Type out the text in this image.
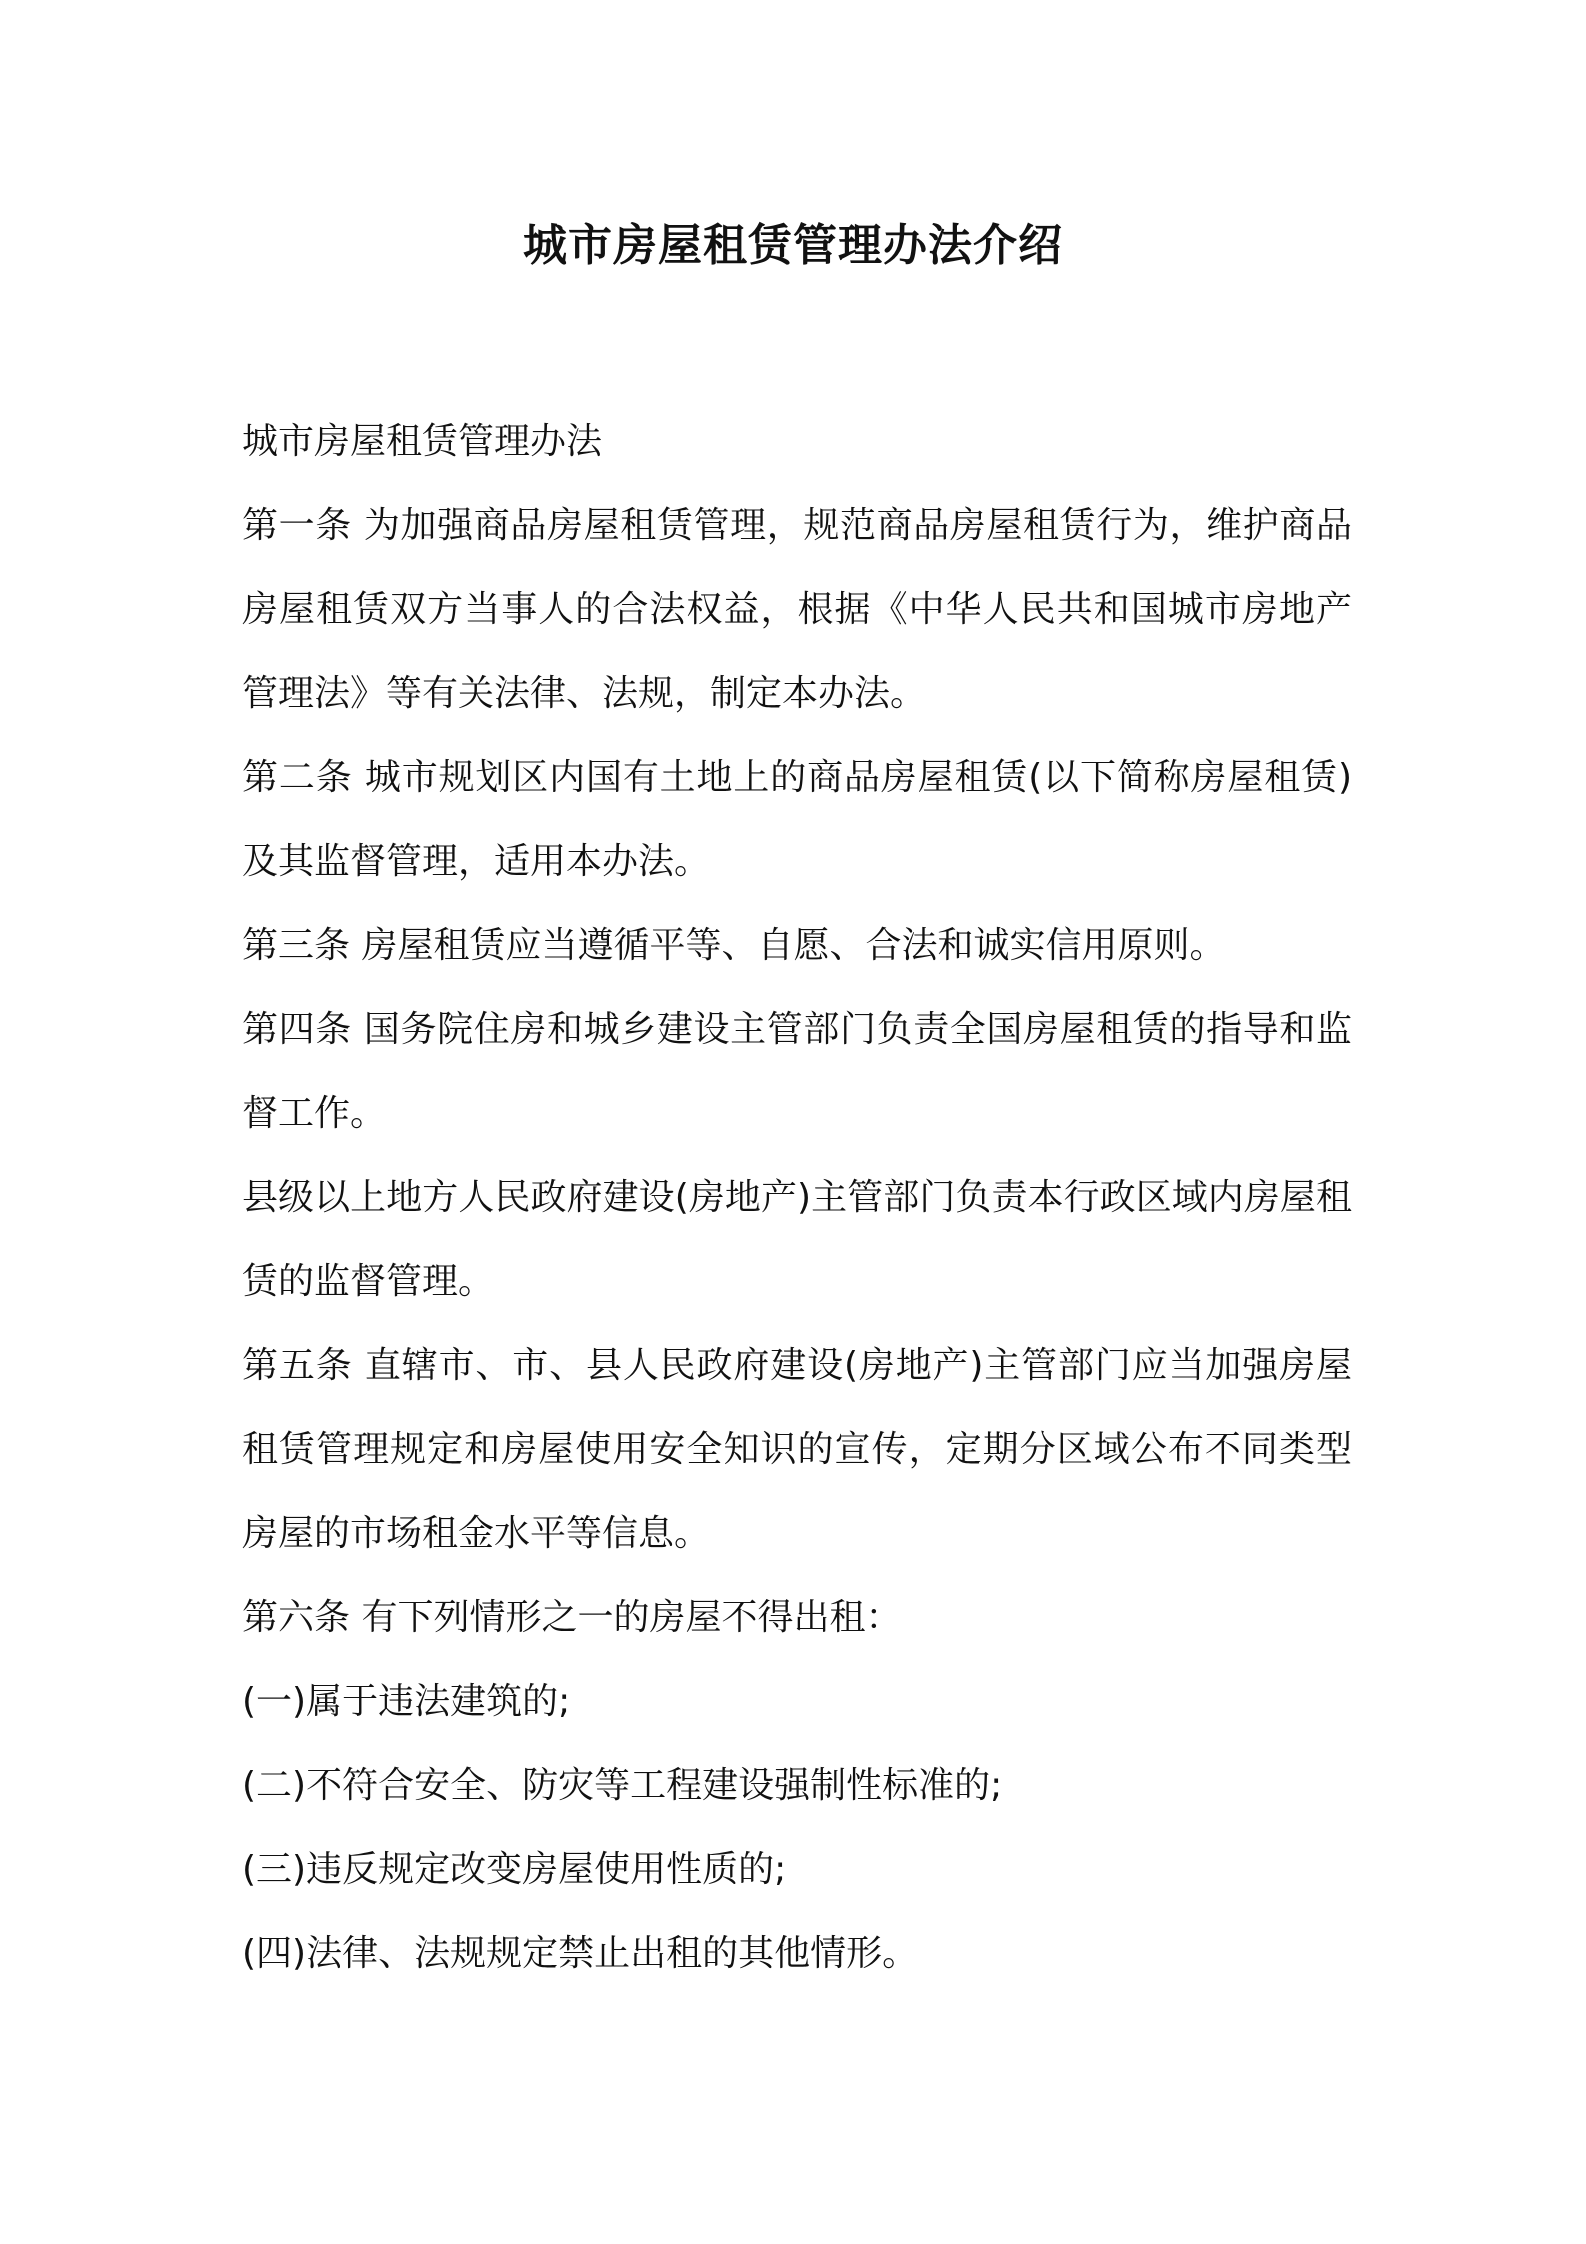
城市房屋租赁管理办法介绍

城市房屋租赁管理办法

第一条 为加强商品房屋租赁管理，规范商品房屋租赁行为，维护商品房屋租赁双方当事人的合法权益，根据《中华人民共和国城市房地产管理法》等有关法律、法规，制定本办法。

第二条 城市规划区内国有土地上的商品房屋租赁(以下简称房屋租赁)及其监督管理，适用本办法。

第三条 房屋租赁应当遵循平等、自愿、合法和诚实信用原则。

第四条 国务院住房和城乡建设主管部门负责全国房屋租赁的指导和监督工作。

县级以上地方人民政府建设(房地产)主管部门负责本行政区域内房屋租赁的监督管理。

第五条 直辖市、市、县人民政府建设(房地产)主管部门应当加强房屋租赁管理规定和房屋使用安全知识的宣传，定期分区域公布不同类型房屋的市场租金水平等信息。

第六条 有下列情形之一的房屋不得出租：

(一)属于违法建筑的;

(二)不符合安全、防灾等工程建设强制性标准的;

(三)违反规定改变房屋使用性质的;

(四)法律、法规规定禁止出租的其他情形。
